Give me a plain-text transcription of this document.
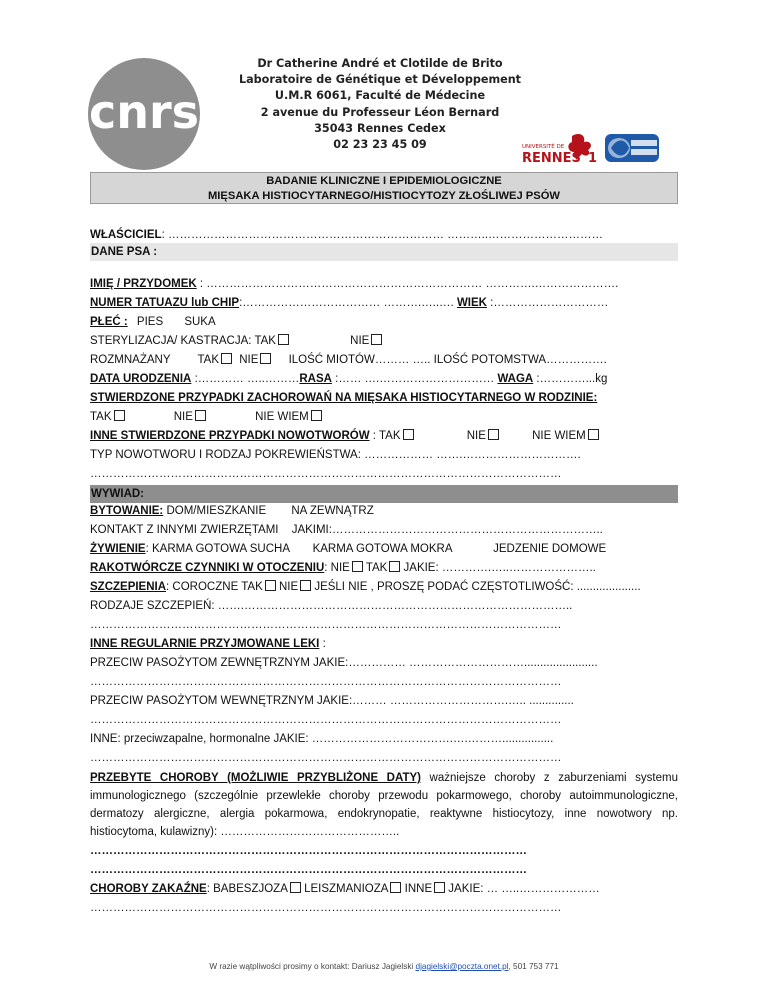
cnrs
Dr Catherine André et Clotilde de Brito
Laboratoire de Génétique et Développement
U.M.R 6061, Faculté de Médecine
2 avenue du Professeur Léon Bernard
35043 Rennes Cedex
02 23 23 45 09	UNIVERSITÉ DE
RENNES 1
BADANIE KLINICZNE I EPIDEMIOLOGICZNE
MIĘSAKA HISTIOCYTARNEGO/HISTIOCYTOZY ZŁOŚLIWEJ PSÓW
WŁAŚCICIEL: ……………………………………………………………… ………..…………………………
DANE PSA :
IMIĘ / PRZYDOMEK : ……………………………………………………………… ………….………………….
NUMER TATUAZU lub CHIP:……………………………… ……….…..…. WIEK :…………………………
PŁEĆ : PIES SUKA
STERYLIZACJA/ KASTRACJA: TAK	NIE
ROZMNAŻANY TAK NIE	ILOŚĆ MIOTÓW……… ….. ILOŚĆ POTOMSTWA…………….
DATA URODZENIA :………… …..………RASA :…… ….………………………… WAGA :…………...kg
STWIERDZONE PRZYPADKI ZACHOROWAŃ NA MIĘSAKA HISTIOCYTARNEGO W RODZINIE:
TAK	NIE	NIE WIEM
INNE STWIERDZONE PRZYPADKI NOWOTWORÓW : TAK	NIE	NIE WIEM
TYP NOWOTWORU I RODZAJ POKREWIEŃSTWA: ……………… …….………………………….
……………………………………………………………………………………………………………
WYWIAD:
BYTOWANIE: DOM/MIESZKANIE NA ZEWNĄTRZ
KONTAKT Z INNYMI ZWIERZĘTAMI JAKIMI:……………………………………………………………..
ŻYWIENIE: KARMA GOTOWA SUCHA KARMA GOTOWA MOKRA	JEDZENIE DOMOWE
RAKOTWÓRCZE CZYNNIKI W OTOCZENIU: NIE TAK JAKIE: ………….…..…………………..
SZCZEPIENIA: COROCZNE TAK NIE JEŚLI NIE , PROSZĘ PODAĆ CZĘSTOTLIWOŚĆ: ....................
RODZAJE SZCZEPIEŃ: …….…………………………………………………………………………..
……………………………………………………………………………………………………………
INNE REGULARNIE PRZYJMOWANE LEKI :
PRZECIW PASOŻYTOM ZEWNĘTRZNYM JAKIE:…………… ………………………….......................
……………………………………………………………………………………………………………
PRZECIW PASOŻYTOM WEWNĘTRZNYM JAKIE:……… ………………………….….. ..............
……………………………………………………………………………………………………………
INNE: przeciwzapalne, hormonalne JAKIE: ……………………………….….………................
……………………………………………………………………………………………………………
PRZEBYTE CHOROBY (MOŻLIWIE PRZYBLIŻONE DATY) ważniejsze choroby z zaburzeniami systemu immunologicznego (szczególnie przewlekłe choroby przewodu pokarmowego, choroby autoimmunologiczne, dermatozy alergiczne, alergia pokarmowa, endokrynopatie, reaktywne histiocytozy, inne nowotwory np. histiocytoma, kulawizny): ………………………………………..
……………………………………………………………………………………………………
……………………………………………………………………………………………………
CHOROBY ZAKAŹNE: BABESZJOZA LEISZMANIOZA INNE JAKIE: … …..…………………
……………………………………………………………………………………………………………
W razie wątpliwości prosimy o kontakt: Dariusz Jagielski djagielski@poczta.onet.pl, 501 753 771
